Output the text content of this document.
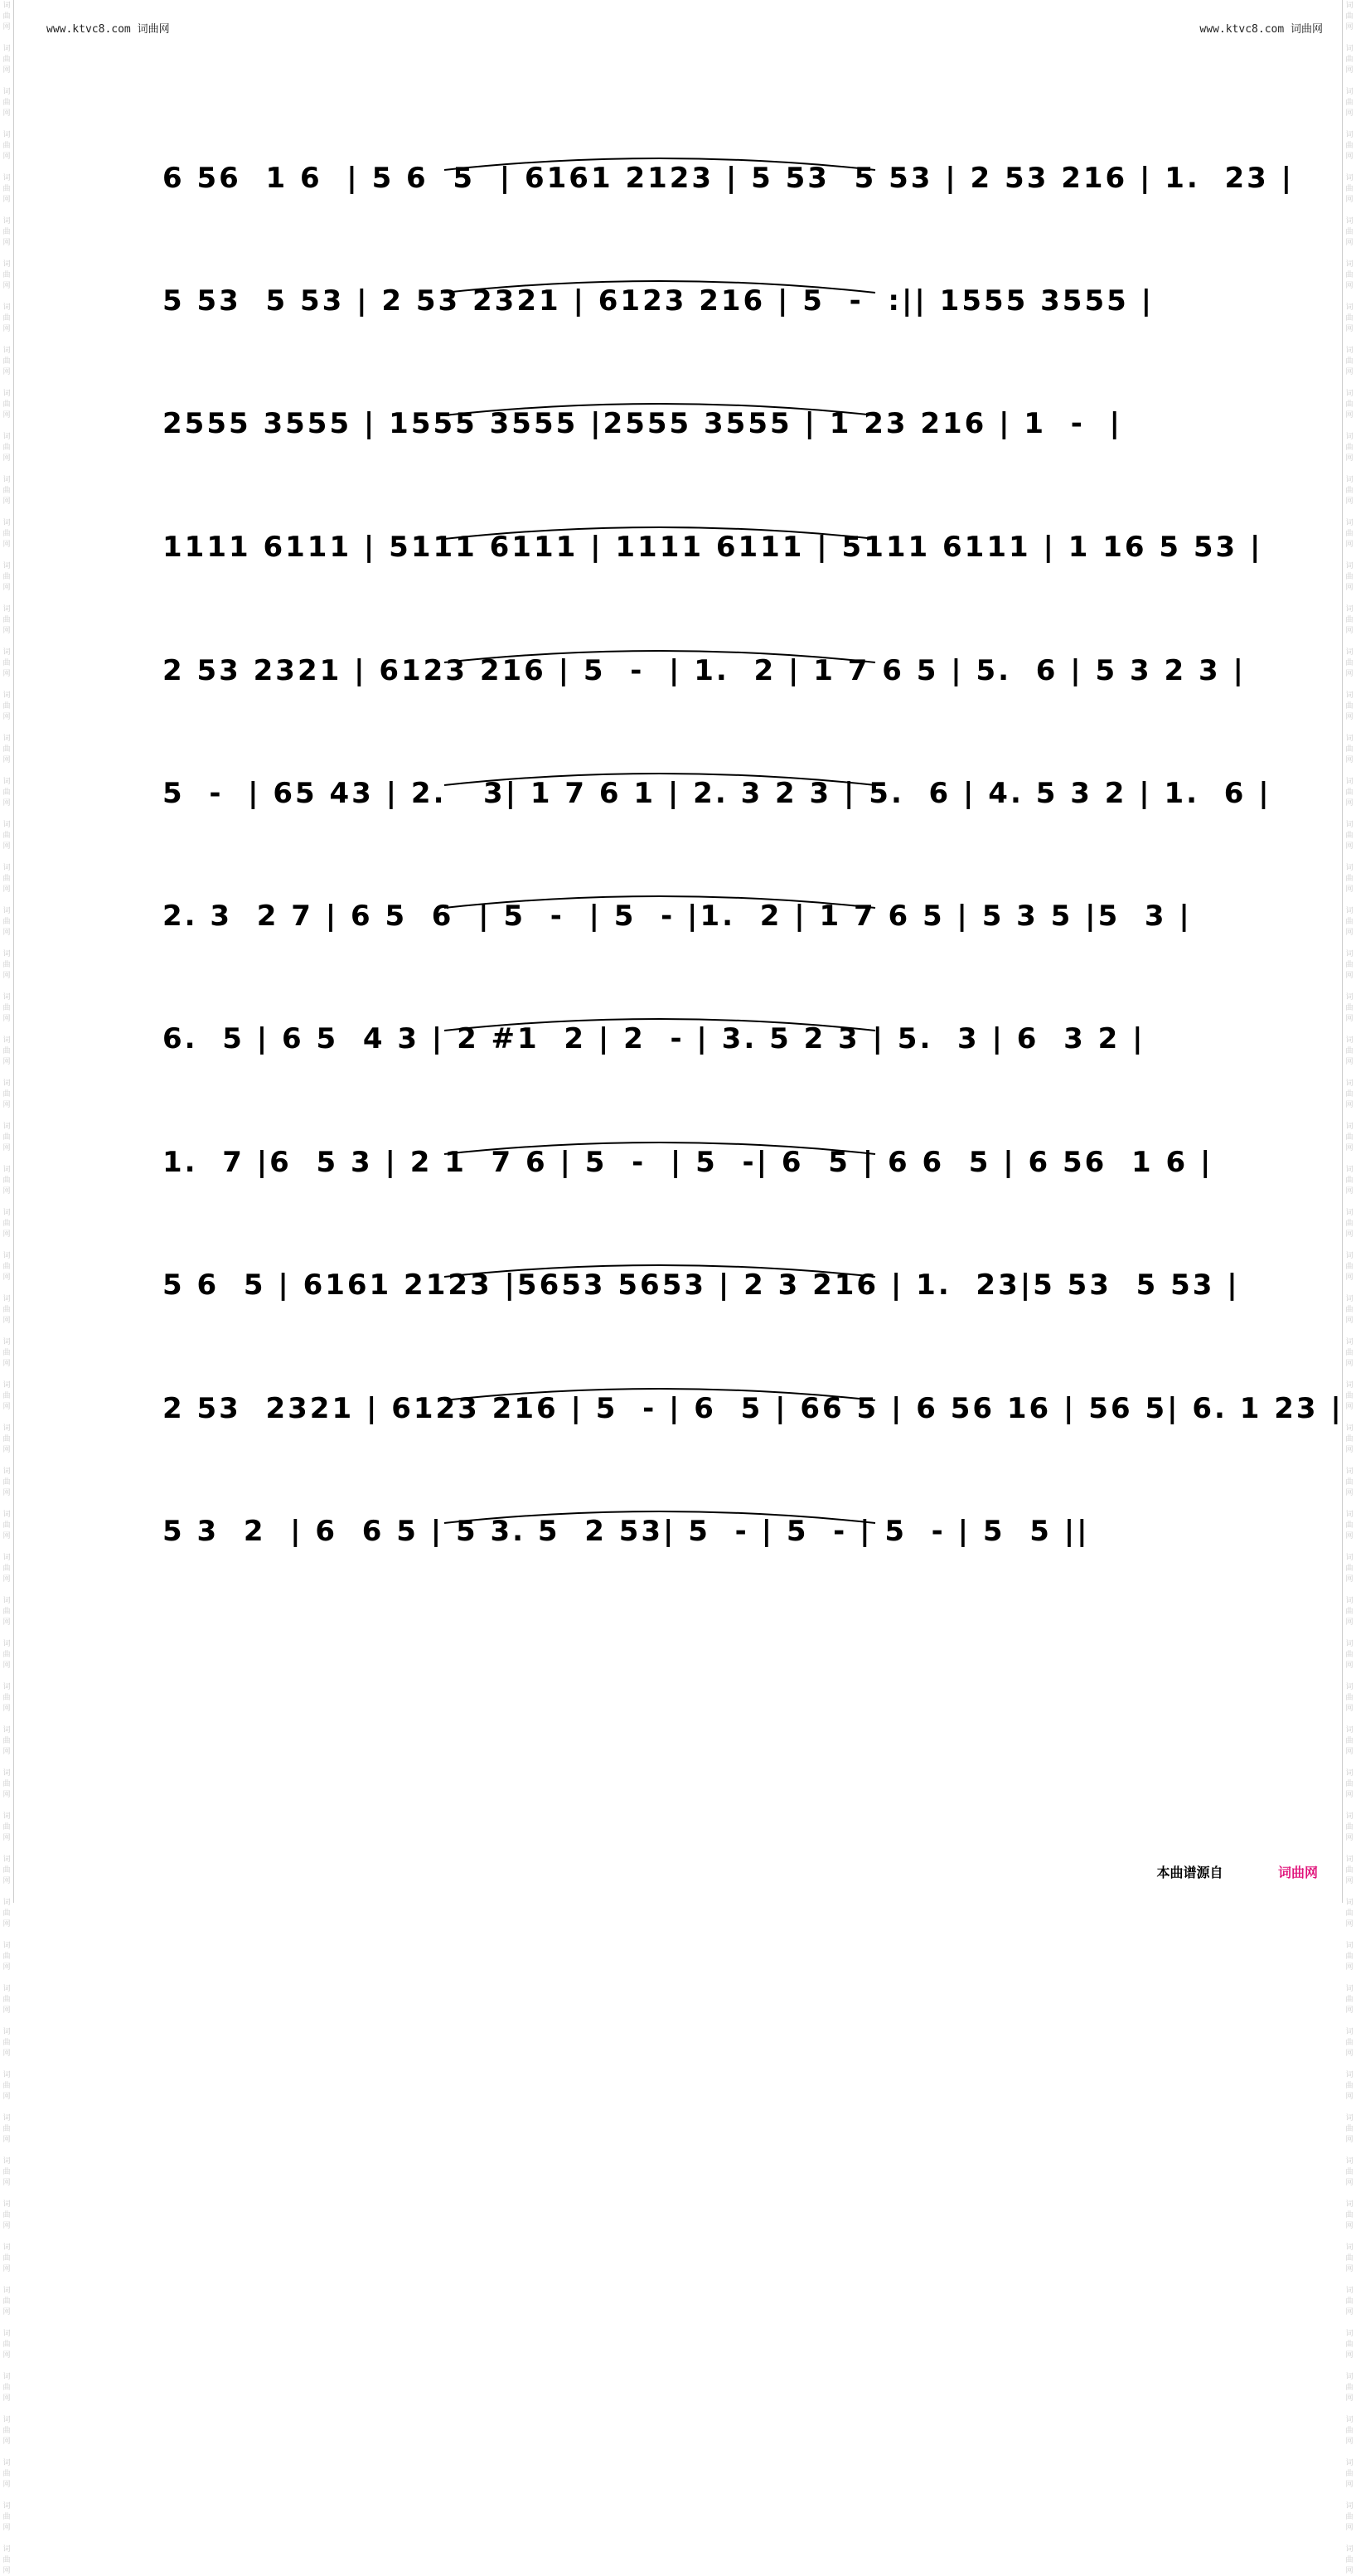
www.ktvc8.com 词曲网	www.ktvc8.com 词曲网
词
曲
网

词
曲
网

词
曲
网

词
曲
网

词
曲
网

词
曲
网

词
曲
网

词
曲
网

词
曲
网

词
曲
网

词
曲
网

词
曲
网

词
曲
网

词
曲
网

词
曲
网

词
曲
网

词
曲
网

词
曲
网

词
曲
网

词
曲
网

词
曲
网

词
曲
网

词
曲
网

词
曲
网

词
曲
网

词
曲
网

词
曲
网

词
曲
网

词
曲
网

词
曲
网

词
曲
网

词
曲
网

词
曲
网

词
曲
网

词
曲
网

词
曲
网

词
曲
网

词
曲
网

词
曲
网

词
曲
网

词
曲
网

词
曲
网

词
曲
网

词
曲
网

词
曲
网

词
曲
网

词
曲
网

词
曲
网

词
曲
网

词
曲
网

词
曲
网

词
曲
网

词
曲
网

词
曲
网

词
曲
网

词
曲
网

词
曲
网

词
曲
网

词
曲
网

词
曲
网

词
曲
网

词
曲
网

词
曲
网

词
曲
网

词
曲
网

词
曲
网

词
曲
网

词
曲
网

词
曲
网

词
曲
网

词
曲
网

词
曲
网

词
曲
网

词
曲
网

词
曲
网

词
曲
网

词
曲
网

词
曲
网

词
曲
网

词
曲
网

词
曲
网

词
曲
网

词
曲
网

词
曲
网

词
曲
网

词
曲
网

词
曲
网

词
曲
网

词
曲
网

词
曲
网

词
曲
网

词
曲
网

词
曲
网

词
曲
网

词
曲
网

词
曲
网

词
曲
网

词
曲
网

词
曲
网

词
曲
网

词
曲
网

词
曲
网

词
曲
网

词
曲
网

词
曲
网

词
曲
网

词
曲
网

词
曲
网

词
曲
网

词
曲
网

词
曲
网

词
曲
网

词
曲
网

词
曲
网

词
曲
网

词
曲
网

词
曲
网

词
曲
网

词
曲
网

词
曲
网

6 56  1 6  | 5 6  5  | 6161 2123 | 5 53  5 53 | 2 53 216 | 1.  23 |
5 53  5 53 | 2 53 2321 | 6123 216 | 5  -  :|| 1555 3555 |
2555 3555 | 1555 3555 |2555 3555 | 1 23 216 | 1  -  |
1111 6111 | 5111 6111 | 1111 6111 | 5111 6111 | 1 16 5 53 |
2 53 2321 | 6123 216 | 5  -  | 1.  2 | 1 7 6 5 | 5.  6 | 5 3 2 3 |
5  -  | 65 43 | 2.   3| 1 7 6 1 | 2. 3 2 3 | 5.  6 | 4. 5 3 2 | 1.  6 |
2. 3  2 7 | 6 5  6  | 5  -  | 5  - |1.  2 | 1 7 6 5 | 5 3 5 |5  3 |
6.  5 | 6 5  4 3 | 2 #1  2 | 2  - | 3. 5 2 3 | 5.  3 | 6  3 2 |
1.  7 |6  5 3 | 2 1  7 6 | 5  -  | 5  -| 6  5 | 6 6  5 | 6 56  1 6 |
5 6  5 | 6161 2123 |5653 5653 | 2 3 216 | 1.  23|5 53  5 53 |
2 53  2321 | 6123 216 | 5  - | 6  5 | 66 5 | 6 56 16 | 56 5| 6. 1 23 |
5 3  2  | 6  6 5 | 5 3. 5  2 53| 5  - | 5  - | 5  - | 5  5 ||
本曲谱源自	词曲网
